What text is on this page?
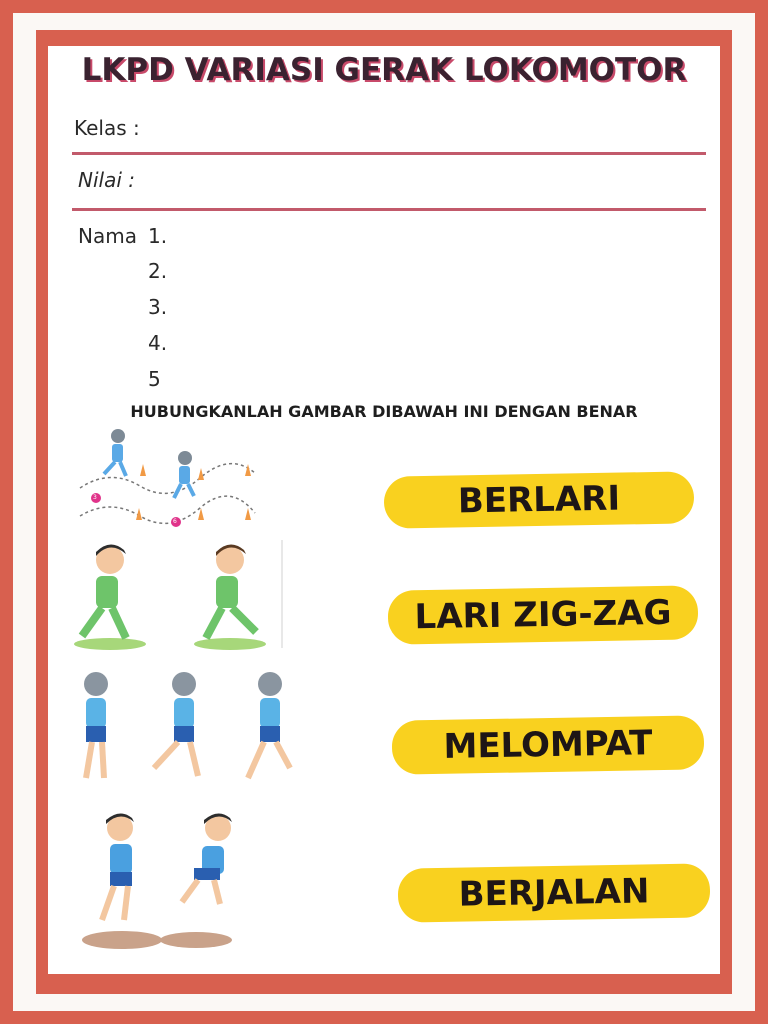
LKPD VARIASI GERAK LOKOMOTOR
Kelas :
Nilai :
Nama 1.
2.
3.
4.
5
HUBUNGKANLAH GAMBAR DIBAWAH INI DENGAN BENAR
3
6
BERLARI
LARI ZIG-ZAG
MELOMPAT
BERJALAN
